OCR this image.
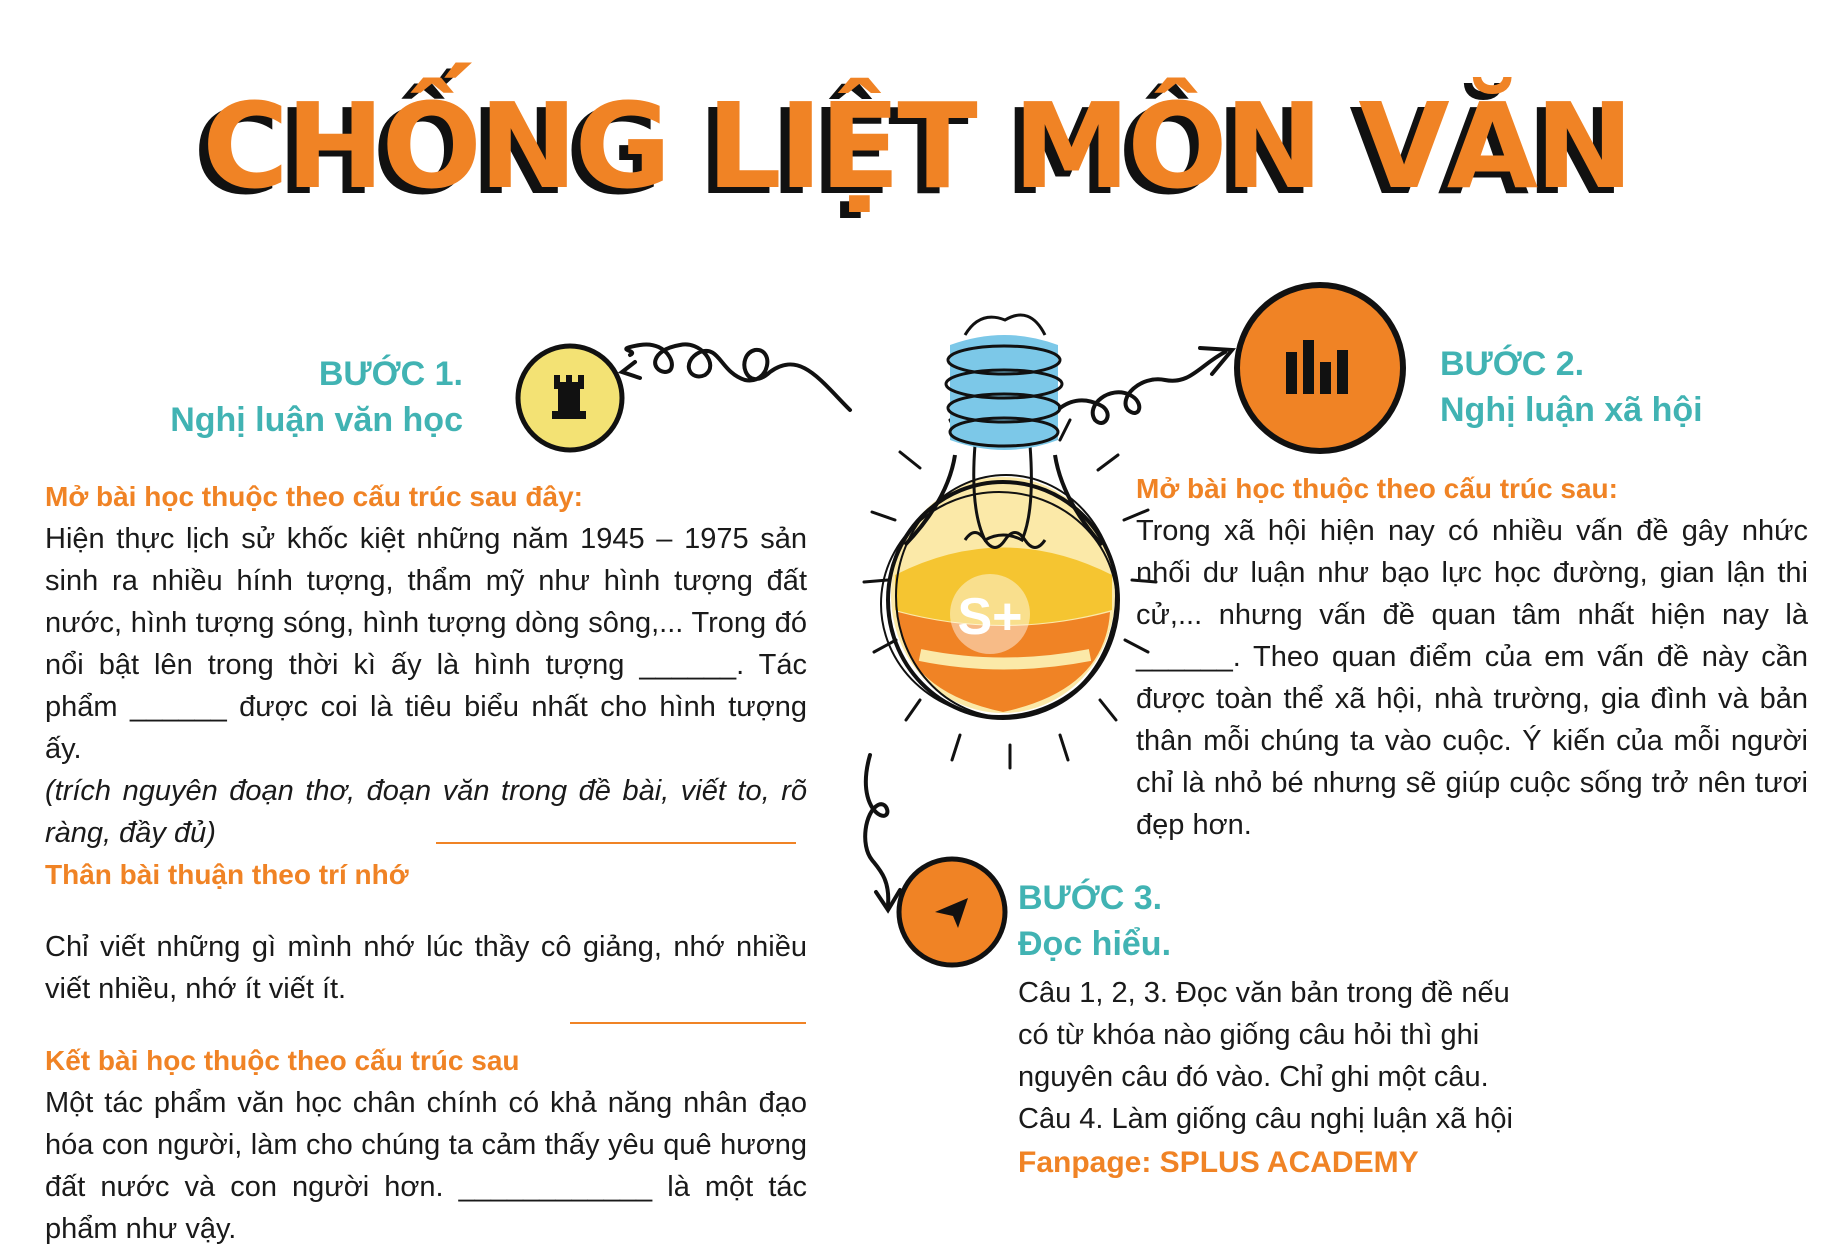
CHỐNG LIỆT MÔN VĂN
S+
BƯỚC 1.
Nghị luận văn học
Mở bài học thuộc theo cấu trúc sau đây:
Hiện thực lịch sử khốc kiệt những năm 1945 – 1975 sản sinh ra nhiều hính tượng, thẩm mỹ như hình tượng đất nước, hình tượng sóng, hình tượng dòng sông,... Trong đó nổi bật lên trong thời kì ấy là hình tượng ______. Tác phẩm ______ được coi là tiêu biểu nhất cho hình tượng ấy.
(trích nguyên đoạn thơ, đoạn văn trong đề bài, viết to, rõ ràng, đầy đủ)
Thân bài thuận theo trí nhớ
Chỉ viết những gì mình nhớ lúc thầy cô giảng, nhớ nhiều viết nhiều, nhớ ít viết ít.
Kết bài học thuộc theo cấu trúc sau
Một tác phẩm văn học chân chính có khả năng nhân đạo hóa con người, làm cho chúng ta cảm thấy yêu quê hương đất nước và con người hơn. ____________ là một tác phẩm như vậy.
BƯỚC 2.
Nghị luận xã hội
Mở bài học thuộc theo cấu trúc sau:
Trong xã hội hiện nay có nhiều vấn đề gây nhức nhối dư luận như bạo lực học đường, gian lận thi cử,... nhưng vấn đề quan tâm nhất hiện nay là ______. Theo quan điểm của em vấn đề này cần được toàn thể xã hội, nhà trường, gia đình và bản thân mỗi chúng ta vào cuộc. Ý kiến của mỗi người chỉ là nhỏ bé nhưng sẽ giúp cuộc sống trở nên tươi đẹp hơn.
BƯỚC 3.
Đọc hiểu.
Câu 1, 2, 3. Đọc văn bản trong đề nếu
có từ khóa nào giống câu hỏi thì ghi
nguyên câu đó vào. Chỉ ghi một câu.
Câu 4. Làm giống câu nghị luận xã hội
Fanpage: SPLUS ACADEMY
